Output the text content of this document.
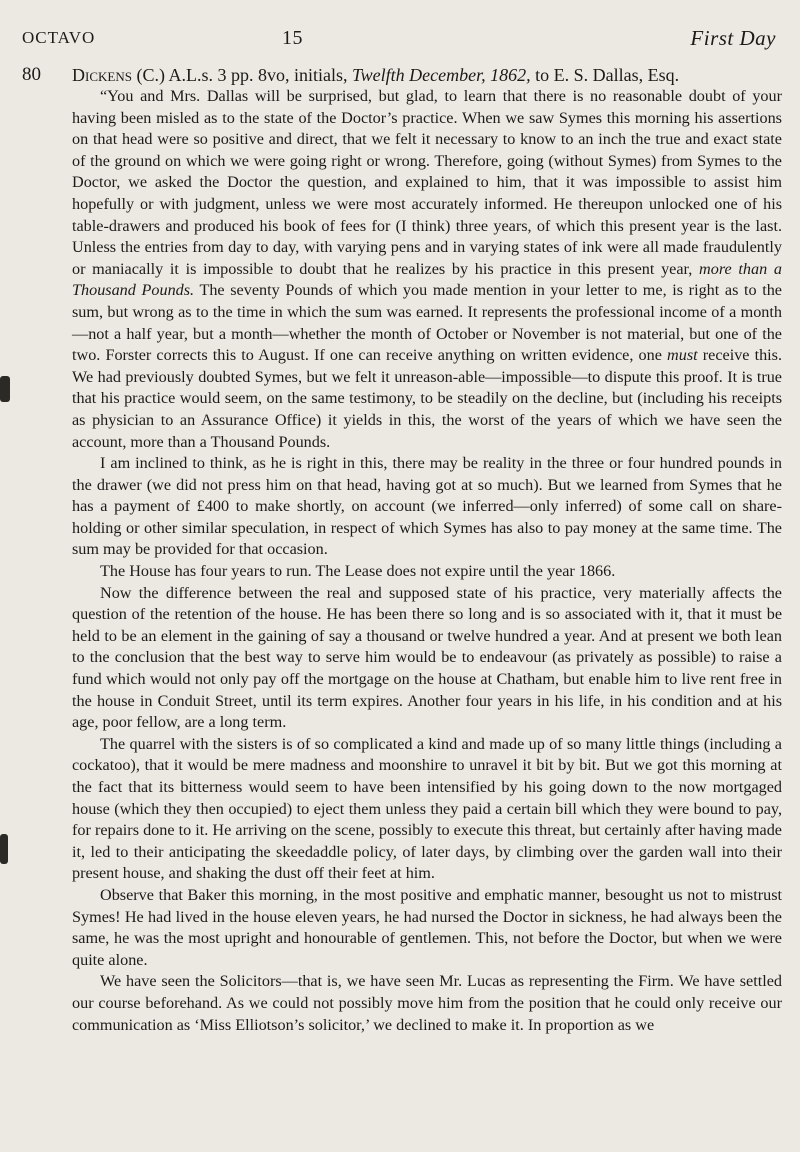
OCTAVO	15	First Day
80 Dickens (C.) A.L.s. 3 pp. 8vo, initials, Twelfth December, 1862, to E. S. Dallas, Esq.

“You and Mrs. Dallas will be surprised, but glad, to learn that there is no reasonable doubt of your having been misled as to the state of the Doctor’s practice. When we saw Symes this morning his assertions on that head were so positive and direct, that we felt it necessary to know to an inch the true and exact state of the ground on which we were going right or wrong. Therefore, going (without Symes) from Symes to the Doctor, we asked the Doctor the question, and explained to him, that it was impossible to assist him hopefully or with judgment, unless we were most accurately informed. He thereupon unlocked one of his table-drawers and produced his book of fees for (I think) three years, of which this present year is the last. Unless the entries from day to day, with varying pens and in varying states of ink were all made fraudulently or maniacally it is impossible to doubt that he realizes by his practice in this present year, more than a Thousand Pounds. The seventy Pounds of which you made mention in your letter to me, is right as to the sum, but wrong as to the time in which the sum was earned. It represents the professional income of a month—not a half year, but a month—whether the month of October or November is not material, but one of the two. Forster corrects this to August. If one can receive anything on written evidence, one must receive this. We had previously doubted Symes, but we felt it unreason-able—impossible—to dispute this proof. It is true that his practice would seem, on the same testimony, to be steadily on the decline, but (including his receipts as physician to an Assurance Office) it yields in this, the worst of the years of which we have seen the account, more than a Thousand Pounds.

I am inclined to think, as he is right in this, there may be reality in the three or four hundred pounds in the drawer (we did not press him on that head, having got at so much). But we learned from Symes that he has a payment of £400 to make shortly, on account (we inferred—only inferred) of some call on share-holding or other similar speculation, in respect of which Symes has also to pay money at the same time. The sum may be provided for that occasion.

The House has four years to run. The Lease does not expire until the year 1866.

Now the difference between the real and supposed state of his practice, very materially affects the question of the retention of the house. He has been there so long and is so associated with it, that it must be held to be an element in the gaining of say a thousand or twelve hundred a year. And at present we both lean to the conclusion that the best way to serve him would be to endeavour (as privately as possible) to raise a fund which would not only pay off the mortgage on the house at Chatham, but enable him to live rent free in the house in Conduit Street, until its term expires. Another four years in his life, in his condition and at his age, poor fellow, are a long term.

The quarrel with the sisters is of so complicated a kind and made up of so many little things (including a cockatoo), that it would be mere madness and moonshire to unravel it bit by bit. But we got this morning at the fact that its bitterness would seem to have been intensified by his going down to the now mortgaged house (which they then occupied) to eject them unless they paid a certain bill which they were bound to pay, for repairs done to it. He arriving on the scene, possibly to execute this threat, but certainly after having made it, led to their anticipating the skeedaddle policy, of later days, by climbing over the garden wall into their present house, and shaking the dust off their feet at him.

Observe that Baker this morning, in the most positive and emphatic manner, besought us not to mistrust Symes! He had lived in the house eleven years, he had nursed the Doctor in sickness, he had always been the same, he was the most upright and honourable of gentlemen. This, not before the Doctor, but when we were quite alone.

We have seen the Solicitors—that is, we have seen Mr. Lucas as representing the Firm. We have settled our course beforehand. As we could not possibly move him from the position that he could only receive our communication as ‘Miss Elliotson’s solicitor,’ we declined to make it. In proportion as we
